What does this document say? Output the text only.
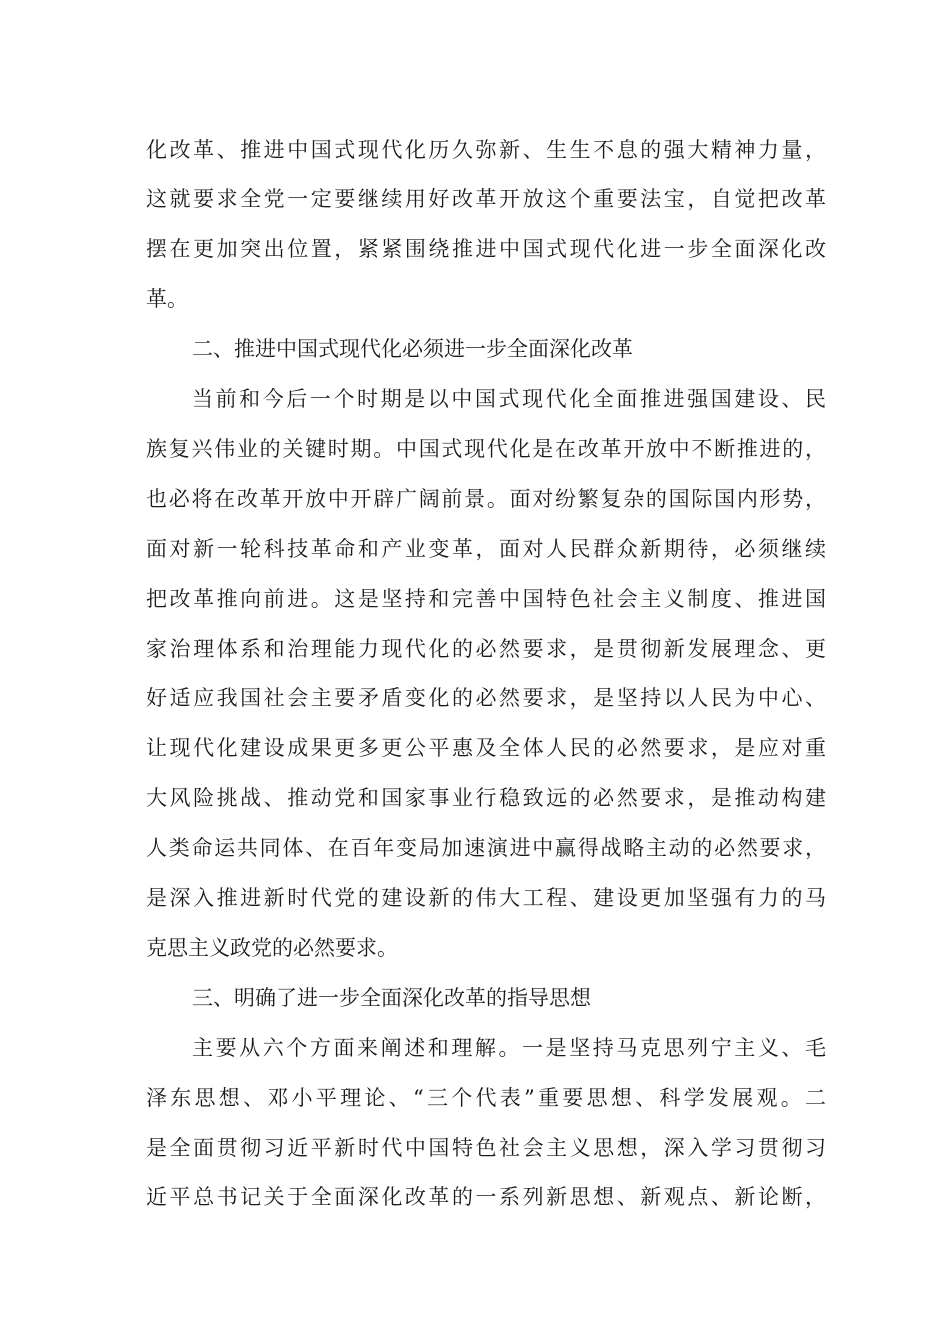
化改革、推进中国式现代化历久弥新、生生不息的强大精神力量，
这就要求全党一定要继续用好改革开放这个重要法宝，自觉把改革
摆在更加突出位置，紧紧围绕推进中国式现代化进一步全面深化改
革。
二、推进中国式现代化必须进一步全面深化改革
当前和今后一个时期是以中国式现代化全面推进强国建设、民
族复兴伟业的关键时期。中国式现代化是在改革开放中不断推进的，
也必将在改革开放中开辟广阔前景。面对纷繁复杂的国际国内形势，
面对新一轮科技革命和产业变革，面对人民群众新期待，必须继续
把改革推向前进。这是坚持和完善中国特色社会主义制度、推进国
家治理体系和治理能力现代化的必然要求，是贯彻新发展理念、更
好适应我国社会主要矛盾变化的必然要求，是坚持以人民为中心、
让现代化建设成果更多更公平惠及全体人民的必然要求，是应对重
大风险挑战、推动党和国家事业行稳致远的必然要求，是推动构建
人类命运共同体、在百年变局加速演进中赢得战略主动的必然要求，
是深入推进新时代党的建设新的伟大工程、建设更加坚强有力的马
克思主义政党的必然要求。
三、明确了进一步全面深化改革的指导思想
主要从六个方面来阐述和理解。一是坚持马克思列宁主义、毛
泽东思想、邓小平理论、“三个代表”重要思想、科学发展观。二
是全面贯彻习近平新时代中国特色社会主义思想，深入学习贯彻习
近平总书记关于全面深化改革的一系列新思想、新观点、新论断，
